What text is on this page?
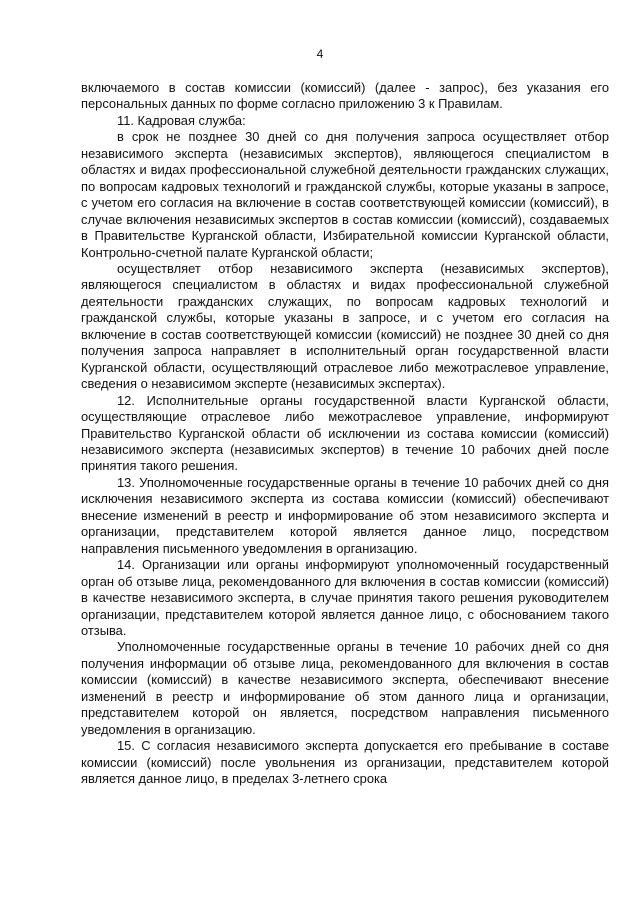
4

включаемого в состав комиссии (комиссий) (далее - запрос), без указания его персональных данных по форме согласно приложению 3 к Правилам.

11. Кадровая служба:

в срок не позднее 30 дней со дня получения запроса осуществляет отбор независимого эксперта (независимых экспертов), являющегося специалистом в областях и видах профессиональной служебной деятельности гражданских служащих, по вопросам кадровых технологий и гражданской службы, которые указаны в запросе, с учетом его согласия на включение в состав соответствующей комиссии (комиссий), в случае включения независимых экспертов в состав комиссии (комиссий), создаваемых в Правительстве Курганской области, Избирательной комиссии Курганской области, Контрольно-счетной палате Курганской области;

осуществляет отбор независимого эксперта (независимых экспертов), являющегося специалистом в областях и видах профессиональной служебной деятельности гражданских служащих, по вопросам кадровых технологий и гражданской службы, которые указаны в запросе, и с учетом его согласия на включение в состав соответствующей комиссии (комиссий) не позднее 30 дней со дня получения запроса направляет в исполнительный орган государственной власти Курганской области, осуществляющий отраслевое либо межотраслевое управление, сведения о независимом эксперте (независимых экспертах).

12. Исполнительные органы государственной власти Курганской области, осуществляющие отраслевое либо межотраслевое управление, информируют Правительство Курганской области об исключении из состава комиссии (комиссий) независимого эксперта (независимых экспертов) в течение 10 рабочих дней после принятия такого решения.

13. Уполномоченные государственные органы в течение 10 рабочих дней со дня исключения независимого эксперта из состава комиссии (комиссий) обеспечивают внесение изменений в реестр и информирование об этом независимого эксперта и организации, представителем которой является данное лицо, посредством направления письменного уведомления в организацию.

14. Организации или органы информируют уполномоченный государственный орган об отзыве лица, рекомендованного для включения в состав комиссии (комиссий) в качестве независимого эксперта, в случае принятия такого решения руководителем организации, представителем которой является данное лицо, с обоснованием такого отзыва.

Уполномоченные государственные органы в течение 10 рабочих дней со дня получения информации об отзыве лица, рекомендованного для включения в состав комиссии (комиссий) в качестве независимого эксперта, обеспечивают внесение изменений в реестр и информирование об этом данного лица и организации, представителем которой он является, посредством направления письменного уведомления в организацию.

15. С согласия независимого эксперта допускается его пребывание в составе комиссии (комиссий) после увольнения из организации, представителем которой является данное лицо, в пределах 3-летнего срока
